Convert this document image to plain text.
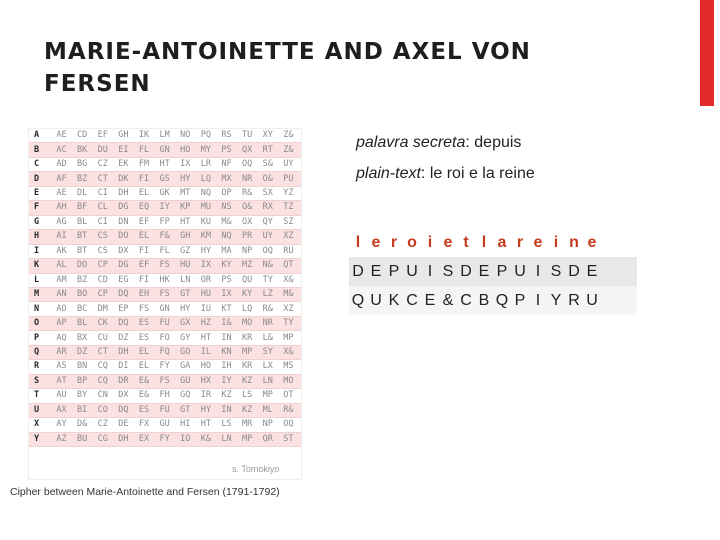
MARIE-ANTOINETTE AND AXEL VON FERSEN
A	AE	CD	EF	GH	IK	LM	NO	PQ	RS	TU	XY	Z&
B	AC	BK	DU	EI	FL	GN	HO	MY	PS	QX	RT	Z&
C	AD	BG	CZ	EK	FM	HT	IX	LR	NF	OQ	S&	UY
D	AF	BZ	CT	DK	FI	GS	HY	LQ	MX	NR	O&	PU
E	AE	DL	CI	DH	EL	GK	MT	NQ	OP	R&	SX	YZ
F	AH	BF	CL	DG	EQ	IY	KP	MU	NS	O&	RX	TZ
G	AG	BL	CI	DN	EF	FP	HT	KU	M&	OX	QY	SZ
H	AI	BT	CS	DO	EL	F&	GH	KM	NQ	PR	UY	XZ
I	AK	BT	CS	DX	FI	FL	GZ	HY	MA	NP	OQ	RU
K	AL	DO	CP	DG	EF	FS	HU	IX	KY	MZ	N&	QT
L	AM	BZ	CD	EG	FI	HK	LN	OR	PS	QU	TY	X&
M	AN	BO	CP	DQ	EH	FS	GT	HU	IX	KY	LZ	M&
N	AO	BC	DM	EP	FS	GN	HY	IU	KT	LQ	R&	XZ
O	AP	BL	CK	DQ	ES	FU	GX	HZ	I&	MO	NR	TY
P	AQ	BX	CU	DZ	ES	FO	GY	HT	IN	KR	L&	MP
Q	AR	DZ	CT	DH	EL	FQ	GO	IL	KN	MP	SY	X&
R	AS	BN	CQ	DI	EL	FY	GA	HO	IH	KR	LX	MS
S	AT	BP	CQ	DR	E&	FS	GU	HX	IY	KZ	LN	MO
T	AU	BY	CN	DX	E&	FH	GQ	IR	KZ	LS	MP	OT
U	AX	BI	CO	DQ	ES	FU	GT	HY	IN	KZ	ML	R&
X	AY	D&	CZ	DE	FX	GU	HI	HT	LS	MR	NP	OQ
Y	AZ	BU	CG	DH	EX	FY	IO	K&	LN	MP	QR	ST
s. Tomokiyo
Cipher between Marie-Antoinette and Fersen (1791-1792)
palavra secreta: depuis
plain-text: le roi e la reine
l	e	r	o	i	e	t	l	a	r	e	i	n	e		
D	E	P	U	I	S	D	E	P	U	I	S	D	E		
Q	U	K	C	E	&	C	B	Q	P	I	Y	R	U		
